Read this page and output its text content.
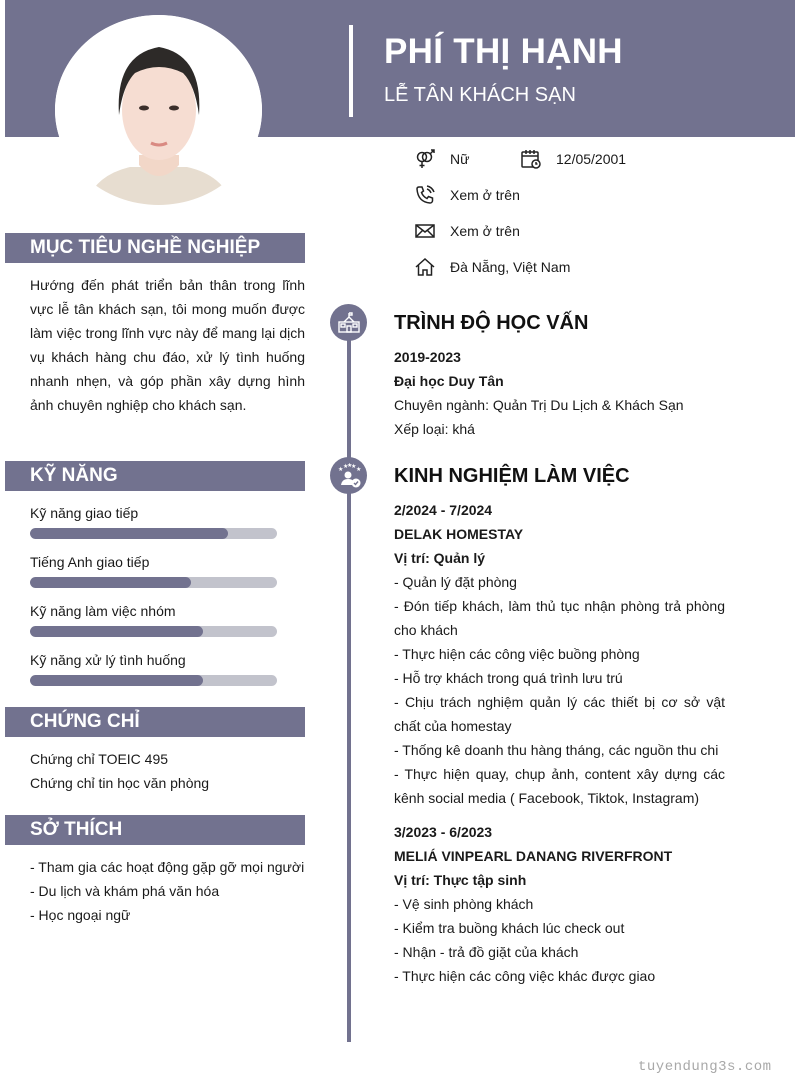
PHÍ THỊ HẠNH
LỄ TÂN KHÁCH SẠN
Nữ	12/05/2001
Xem ở trên
Xem ở trên
Đà Nẵng, Việt Nam
MỤC TIÊU NGHỀ NGHIỆP
Hướng đến phát triển bản thân trong lĩnh vực lễ tân khách sạn, tôi mong muốn được làm việc trong lĩnh vực này để mang lại dịch vụ khách hàng chu đáo, xử lý tình huống nhanh nhẹn, và góp phần xây dựng hình ảnh chuyên nghiệp cho khách sạn.
KỸ NĂNG
Kỹ năng giao tiếp
Tiếng Anh giao tiếp
Kỹ năng làm việc nhóm
Kỹ năng xử lý tình huống
CHỨNG CHỈ
Chứng chỉ TOEIC 495
Chứng chỉ tin học văn phòng
SỞ THÍCH
- Tham gia các hoạt động gặp gỡ mọi người
- Du lịch và khám phá văn hóa
- Học ngoại ngữ
★ ★
★
★ ★
TRÌNH ĐỘ HỌC VẤN
2019-2023
Đại học Duy Tân
Chuyên ngành: Quản Trị Du Lịch & Khách Sạn
Xếp loại: khá
KINH NGHIỆM LÀM VIỆC
2/2024 - 7/2024
DELAK HOMESTAY
Vị trí: Quản lý
- Quản lý đặt phòng
- Đón tiếp khách, làm thủ tục nhận phòng trả phòng cho khách
- Thực hiện các công việc buồng phòng
- Hỗ trợ khách trong quá trình lưu trú
- Chịu trách nghiệm quản lý các thiết bị cơ sở vật chất của homestay
- Thống kê doanh thu hàng tháng, các nguồn thu chi
- Thực hiện quay, chụp ảnh, content xây dựng các kênh social media ( Facebook, Tiktok, Instagram)
3/2023 - 6/2023
MELIÁ VINPEARL DANANG RIVERFRONT
Vị trí: Thực tập sinh
- Vệ sinh phòng khách
- Kiểm tra buồng khách lúc check out
- Nhận - trả đồ giặt của khách
- Thực hiện các công việc khác được giao
tuyendung3s.com
